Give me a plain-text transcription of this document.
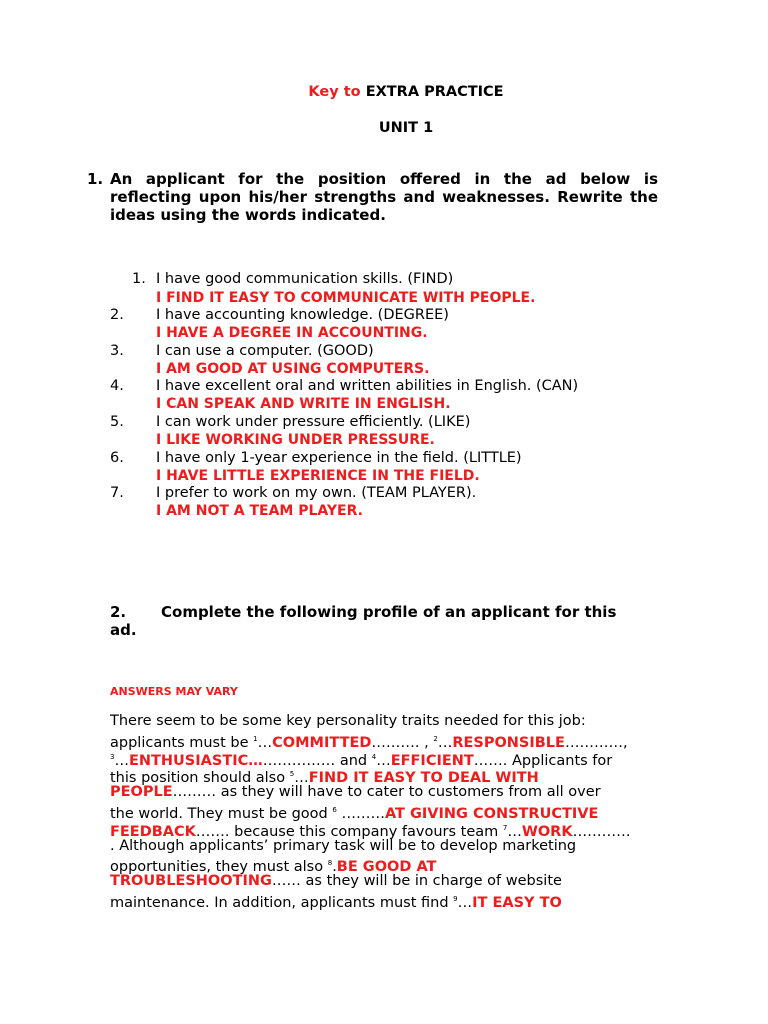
Key to EXTRA PRACTICE
UNIT 1
1. An applicant for the position offered in the ad below is reflecting upon his/her strengths and weaknesses. Rewrite the ideas using the words indicated.
1. I have good communication skills. (FIND)
I FIND IT EASY TO COMMUNICATE WITH PEOPLE.
2.	I have accounting knowledge. (DEGREE)
I HAVE A DEGREE IN ACCOUNTING.
3.	I can use a computer. (GOOD)
I AM GOOD AT USING COMPUTERS.
4.	I have excellent oral and written abilities in English. (CAN)
I CAN SPEAK AND WRITE IN ENGLISH.
5.	I can work under pressure efficiently. (LIKE)
I LIKE WORKING UNDER PRESSURE.
6.	I have only 1-year experience in the field. (LITTLE)
I HAVE LITTLE EXPERIENCE IN THE FIELD.
7.	I prefer to work on my own. (TEAM PLAYER).
I AM NOT A TEAM PLAYER.
2. Complete the following profile of an applicant for this
ad.
ANSWERS MAY VARY
There seem to be some key personality traits needed for this job:
applicants must be $^1$…COMMITTED………. , $^2$…RESPONSIBLE…………,
$^3$…ENTHUSIASTIC……………… and $^4$…EFFICIENT……. Applicants for
this position should also $^5$…FIND IT EASY TO DEAL WITH
PEOPLE……… as they will have to cater to customers from all over
the world. They must be good $^6$ ………AT GIVING CONSTRUCTIVE
FEEDBACK……. because this company favours team $^7$…WORK…………
. Although applicants’ primary task will be to develop marketing
opportunities, they must also $^8$.BE GOOD AT
TROUBLESHOOTING…… as they will be in charge of website
maintenance. In addition, applicants must find $^9$…IT EASY TO
